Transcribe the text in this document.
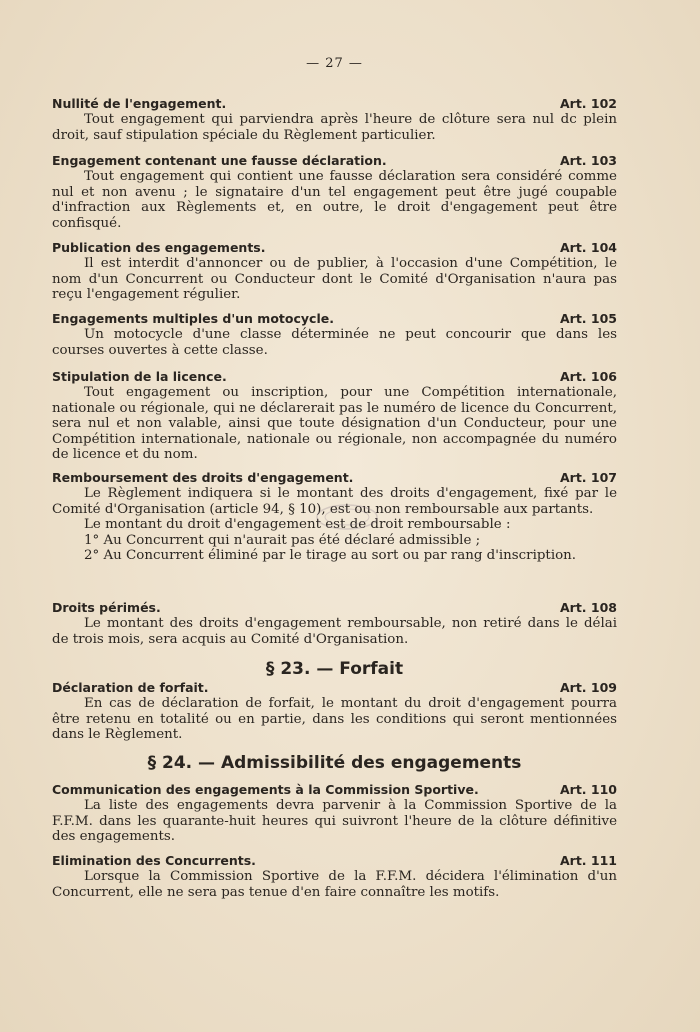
— 27 —
Nullité de l'engagement.	Art. 102

Tout engagement qui parviendra après l'heure de clôture sera nul dc plein droit, sauf stipulation spéciale du Règlement particulier.

Engagement contenant une fausse déclaration.	Art. 103

Tout engagement qui contient une fausse déclaration sera considéré comme nul et non avenu ; le signataire d'un tel engagement peut être jugé coupable d'infraction aux Règlements et, en outre, le droit d'engagement peut être confisqué.

Publication des engagements.	Art. 104

Il est interdit d'annoncer ou de publier, à l'occasion d'une Compétition, le nom d'un Concurrent ou Conducteur dont le Comité d'Organisation n'aura pas reçu l'engagement régulier.

Engagements multiples d'un motocycle.	Art. 105

Un motocycle d'une classe déterminée ne peut concourir que dans les courses ouvertes à cette classe.

Stipulation de la licence.	Art. 106

Tout engagement ou inscription, pour une Compétition internationale, nationale ou régionale, qui ne déclarerait pas le numéro de licence du Concurrent, sera nul et non valable, ainsi que toute désignation d'un Conducteur, pour une Compétition internationale, nationale ou régionale, non accompagnée du numéro de licence et du nom.

Remboursement des droits d'engagement.	Art. 107

Le Règlement indiquera si le montant des droits d'engagement, fixé par le Comité d'Organisation (article 94, § 10), est ou non remboursable aux partants.

Le montant du droit d'engagement est de droit remboursable :

1° Au Concurrent qui n'aurait pas été déclaré admissible ;

2° Au Concurrent éliminé par le tirage au sort ou par rang d'inscription.

Droits périmés.	Art. 108

Le montant des droits d'engagement remboursable, non retiré dans le délai de trois mois, sera acquis au Comité d'Organisation.

§ 23. — Forfait
Déclaration de forfait.	Art. 109

En cas de déclaration de forfait, le montant du droit d'engagement pourra être retenu en totalité ou en partie, dans les conditions qui seront mentionnées dans le Règlement.

§ 24. — Admissibilité des engagements
Communication des engagements à la Commission Sportive.	Art. 110

La liste des engagements devra parvenir à la Commission Sportive de la F.F.M. dans les quarante-huit heures qui suivront l'heure de la clôture définitive des engagements.

Elimination des Concurrents.	Art. 111

Lorsque la Commission Sportive de la F.F.M. décidera l'élimination d'un Concurrent, elle ne sera pas tenue d'en faire connaître les motifs.
